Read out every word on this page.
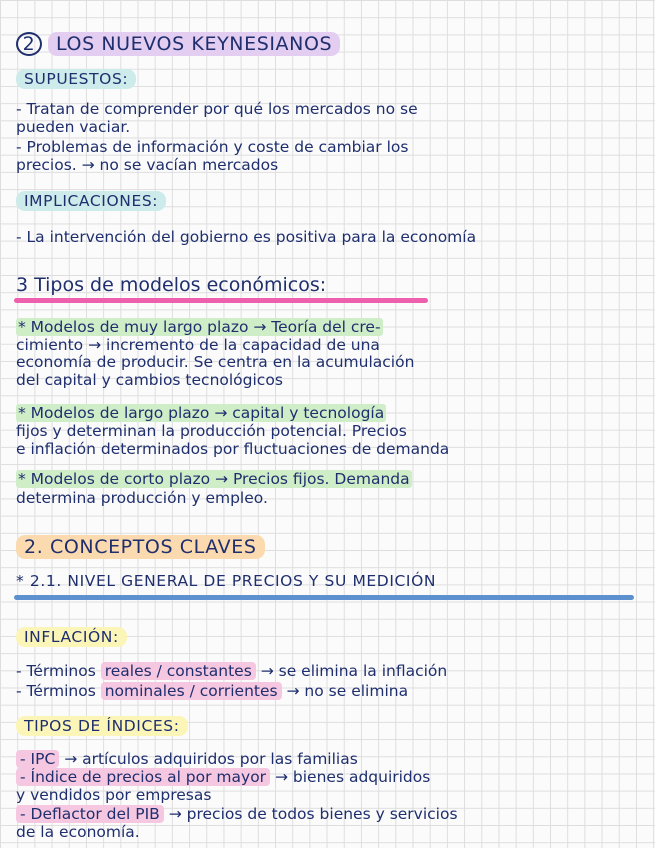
2 LOS NUEVOS KEYNESIANOS
SUPUESTOS:
- Tratan de comprender por qué los mercados no se
pueden vaciar.
- Problemas de información y coste de cambiar los
precios. → no se vacían mercados
IMPLICACIONES:
- La intervención del gobierno es positiva para la economía
3 Tipos de modelos económicos:
* Modelos de muy largo plazo → Teoría del cre-
cimiento → incremento de la capacidad de una
economía de producir. Se centra en la acumulación
del capital y cambios tecnológicos
* Modelos de largo plazo → capital y tecnología
fijos y determinan la producción potencial. Precios
e inflación determinados por fluctuaciones de demanda
* Modelos de corto plazo → Precios fijos. Demanda
determina producción y empleo.
2. CONCEPTOS CLAVES
* 2.1. NIVEL GENERAL DE PRECIOS Y SU MEDICIÓN
INFLACIÓN:
- Términos reales / constantes → se elimina la inflación
- Términos nominales / corrientes → no se elimina
TIPOS DE ÍNDICES:
- IPC → artículos adquiridos por las familias
- Índice de precios al por mayor → bienes adquiridos
y vendidos por empresas
- Deflactor del PIB → precios de todos bienes y servicios
de la economía.
